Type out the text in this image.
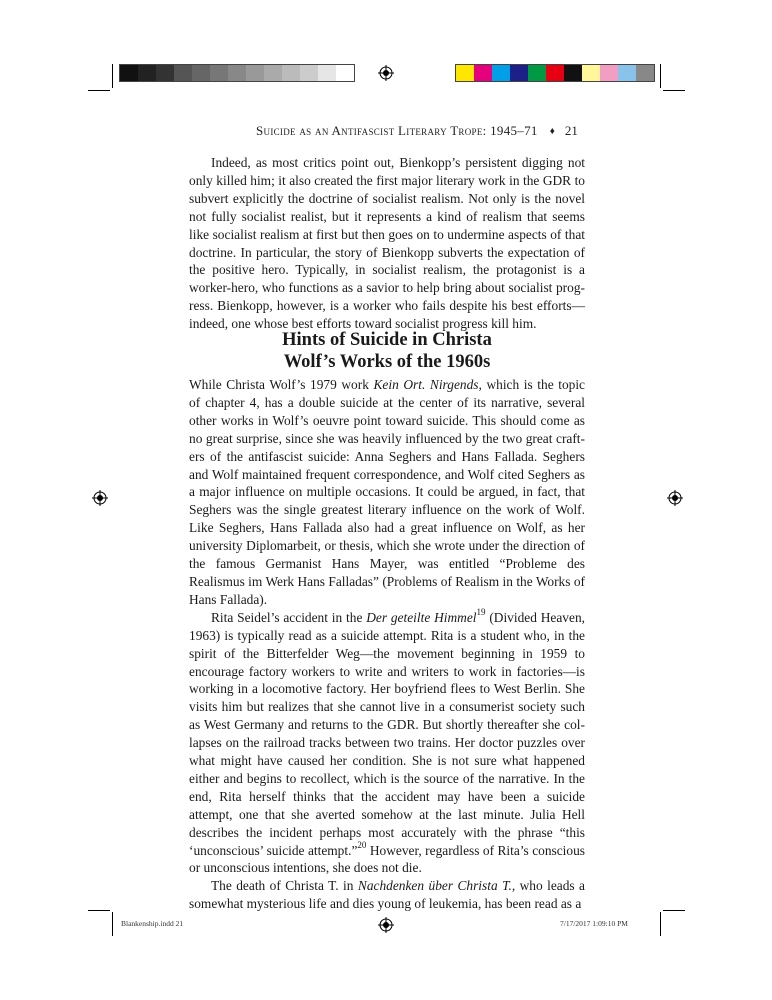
Suicide as an Antifascist Literary Trope: 1945–71 ♦ 21

Indeed, as most critics point out, Bienkopp’s persistent digging not only killed him; it also created the first major literary work in the GDR to subvert explicitly the doctrine of socialist realism. Not only is the novel not fully socialist realist, but it represents a kind of realism that seems like socialist realism at first but then goes on to undermine aspects of that doctrine. In particular, the story of Bienkopp subverts the expectation of the positive hero. Typically, in socialist realism, the protagonist is a worker-hero, who functions as a savior to help bring about socialist progress. Bienkopp, however, is a worker who fails despite his best efforts—indeed, one whose best efforts toward socialist progress kill him.

Hints of Suicide in Christa
Wolf’s Works of the 1960s

While Christa Wolf’s 1979 work Kein Ort. Nirgends, which is the topic of chapter 4, has a double suicide at the center of its narrative, several other works in Wolf’s oeuvre point toward suicide. This should come as no great surprise, since she was heavily influenced by the two great crafters of the antifascist suicide: Anna Seghers and Hans Fallada. Seghers and Wolf maintained frequent correspondence, and Wolf cited Seghers as a major influence on multiple occasions. It could be argued, in fact, that Seghers was the single greatest literary influence on the work of Wolf. Like Seghers, Hans Fallada also had a great influence on Wolf, as her university Diplomarbeit, or thesis, which she wrote under the direction of the famous Germanist Hans Mayer, was entitled “Probleme des Realismus im Werk Hans Falladas” (Problems of Realism in the Works of Hans Fallada).

Rita Seidel’s accident in the Der geteilte Himmel$^{19}$ (Divided Heaven, 1963) is typically read as a suicide attempt. Rita is a student who, in the spirit of the Bitterfelder Weg—the movement beginning in 1959 to encourage factory workers to write and writers to work in factories—is working in a locomotive factory. Her boyfriend flees to West Berlin. She visits him but realizes that she cannot live in a consumerist society such as West Germany and returns to the GDR. But shortly thereafter she collapses on the railroad tracks between two trains. Her doctor puzzles over what might have caused her condition. She is not sure what happened either and begins to recollect, which is the source of the narrative. In the end, Rita herself thinks that the accident may have been a suicide attempt, one that she averted somehow at the last minute. Julia Hell describes the incident perhaps most accurately with the phrase “this ‘unconscious’ suicide attempt.”$^{20}$ However, regardless of Rita’s conscious or unconscious intentions, she does not die.

The death of Christa T. in Nachdenken über Christa T., who leads a somewhat mysterious life and dies young of leukemia, has been read as a

Blankenship.indd 21	7/17/2017 1:09:10 PM
